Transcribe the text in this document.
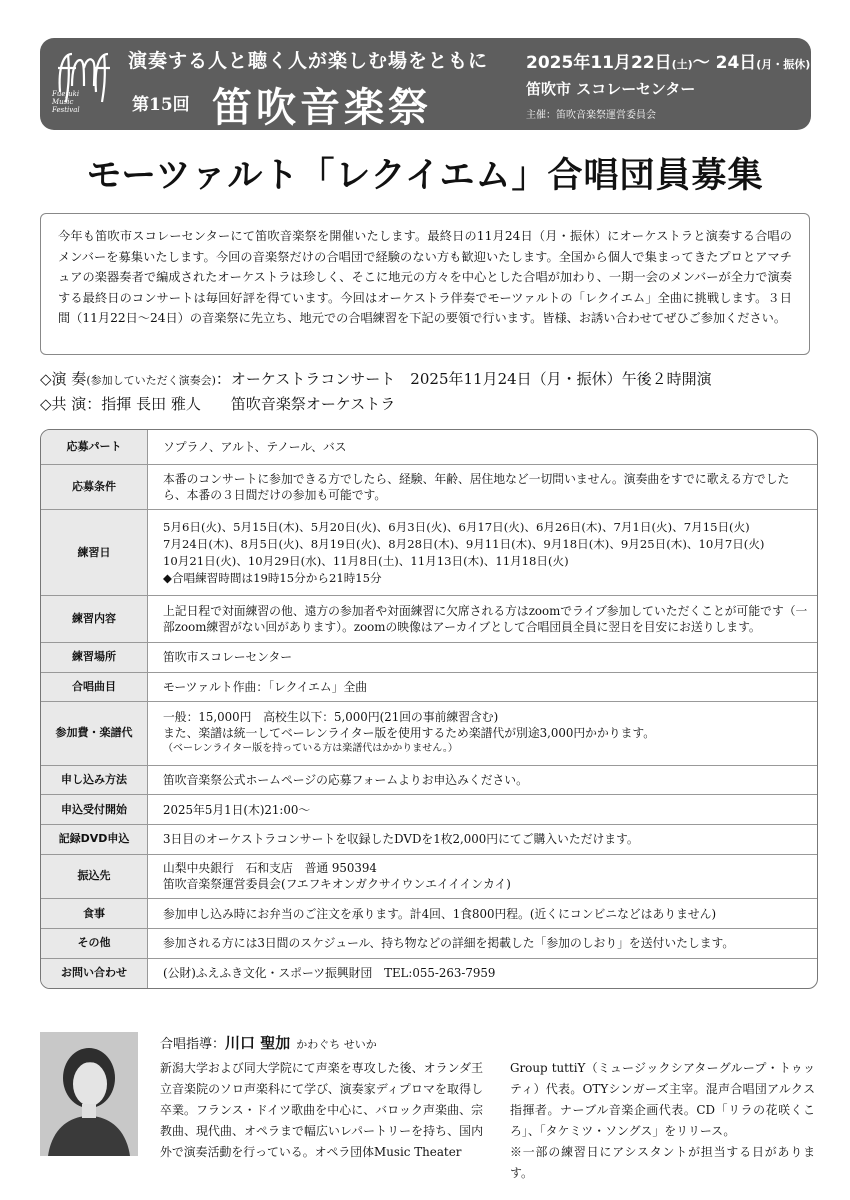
Fuefuki
Music
Festival
演奏する人と聴く人が楽しむ場をともに
第15回 笛吹音楽祭
2025年11月22日(土)〜 24日(月・振休)
笛吹市 スコレーセンター
主催：笛吹音楽祭運営委員会
モーツァルト「レクイエム」合唱団員募集
今年も笛吹市スコレーセンターにて笛吹音楽祭を開催いたします。最終日の11月24日（月・振休）にオーケストラと演奏する合唱のメンバーを募集いたします。今回の音楽祭だけの合唱団で経験のない方も歓迎いたします。全国から個人で集まってきたプロとアマチュアの楽器奏者で編成されたオーケストラは珍しく、そこに地元の方々を中心とした合唱が加わり、一期一会のメンバーが全力で演奏する最終日のコンサートは毎回好評を得ています。今回はオーケストラ伴奏でモーツァルトの「レクイエム」全曲に挑戦します。３日間（11月22日〜24日）の音楽祭に先立ち、地元での合唱練習を下記の要領で行います。皆様、お誘い合わせてぜひご参加ください。
◇演 奏(参加していただく演奏会)：オーケストラコンサート　2025年11月24日（月・振休）午後２時開演
◇共 演：指揮 長田 雅人　　笛吹音楽祭オーケストラ
応募パート	ソプラノ、アルト、テノール、バス
応募条件	本番のコンサートに参加できる方でしたら、経験、年齢、居住地など一切問いません。演奏曲をすでに歌える方でしたら、本番の３日間だけの参加も可能です。
練習日	5月6日(火)、5月15日(木)、5月20日(火)、6月3日(火)、6月17日(火)、6月26日(木)、7月1日(火)、7月15日(火)
7月24日(木)、8月5日(火)、8月19日(火)、8月28日(木)、9月11日(木)、9月18日(木)、9月25日(木)、10月7日(火)
10月21日(火)、10月29日(水)、11月8日(土)、11月13日(木)、11月18日(火)
◆合唱練習時間は19時15分から21時15分

練習内容	上記日程で対面練習の他、遠方の参加者や対面練習に欠席される方はzoomでライブ参加していただくことが可能です（一部zoom練習がない回があります）。zoomの映像はアーカイブとして合唱団員全員に翌日を目安にお送りします。
練習場所	笛吹市スコレーセンター
合唱曲目	モーツァルト作曲：「レクイエム」全曲
参加費・楽譜代	一般：15,000円　高校生以下：5,000円(21回の事前練習含む)
また、楽譜は統一してベーレンライター版を使用するため楽譜代が別途3,000円かかります。
（ベーレンライター版を持っている方は楽譜代はかかりません。）

申し込み方法	笛吹音楽祭公式ホームページの応募フォームよりお申込みください。
申込受付開始	2025年5月1日(木)21:00〜
記録DVD申込	3日目のオーケストラコンサートを収録したDVDを1枚2,000円にてご購入いただけます。
振込先	山梨中央銀行　石和支店　普通 950394
笛吹音楽祭運営委員会(フエフキオンガクサイウンエイイインカイ)

食事	参加申し込み時にお弁当のご注文を承ります。計4回、1食800円程。(近くにコンビニなどはありません)
その他	参加される方には3日間のスケジュール、持ち物などの詳細を掲載した「参加のしおり」を送付いたします。
お問い合わせ	(公財)ふえふき文化・スポーツ振興財団　TEL:055-263-7959
合唱指導：川口 聖加 かわぐち せいか
新潟大学および同大学院にて声楽を専攻した後、オランダ王立音楽院のソロ声楽科にて学び、演奏家ディプロマを取得し卒業。フランス・ドイツ歌曲を中心に、バロック声楽曲、宗教曲、現代曲、オペラまで幅広いレパートリーを持ち、国内外で演奏活動を行っている。オペラ団体Music Theater
Group tuttiY（ミュージックシアターグループ・トゥッティ）代表。OTYシンガーズ主宰。混声合唱団アルクス指揮者。ナーブル音楽企画代表。CD「リラの花咲くころ」、「タケミツ・ソングス」をリリース。
※一部の練習日にアシスタントが担当する日があります。
